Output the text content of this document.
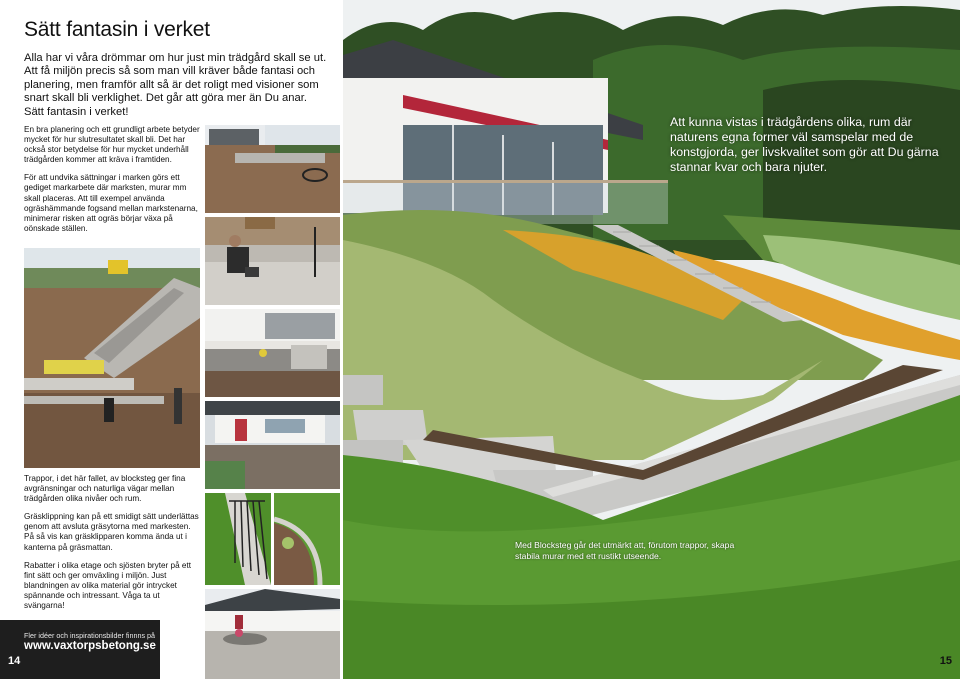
Sätt fantasin i verket

Alla har vi våra drömmar om hur just min trädgård skall se ut.
Att få miljön precis så som man vill kräver både fantasi och
planering, men framför allt så är det roligt med visioner som
snart skall bli verklighet. Det går att göra mer än Du anar.
Sätt fantasin i verket!

En bra planering och ett grundligt arbete betyder mycket för hur slutresultatet skall bli. Det har också stor betydelse för hur mycket underhåll trädgården kommer att kräva i framtiden.

För att undvika sättningar i marken görs ett gediget markarbete där marksten, murar mm skall placeras. Att till exempel använda ogräshämmande fogsand mellan markstenarna, minimerar risken att ogräs börjar växa på oönskade ställen.

Trappor, i det här fallet, av blocksteg ger fina avgränsningar och naturliga vägar mellan trädgården olika nivåer och rum.

Gräsklippning kan på ett smidigt sätt underlättas genom att avsluta gräsytorna med markesten. På så vis kan gräsklipparen komma ända ut i kanterna på gräsmattan.

Rabatter i olika etage och sjösten bryter på ett fint sätt och ger omväxling i miljön. Just blandningen av olika material gör intrycket spännande och intressant. Våga ta ut svängarna!

Fler idéer och inspirationsbilder finnns på
www.vaxtorpsbetong.se
14

Att kunna vistas i trädgårdens olika, rum där naturens egna former väl samspelar med de konstgjorda, ger livskvalitet som gör att Du gärna stannar kvar och bara njuter.

Med Blocksteg går det utmärkt att, förutom trappor, skapa stabila murar med ett rustikt utseende.

15
